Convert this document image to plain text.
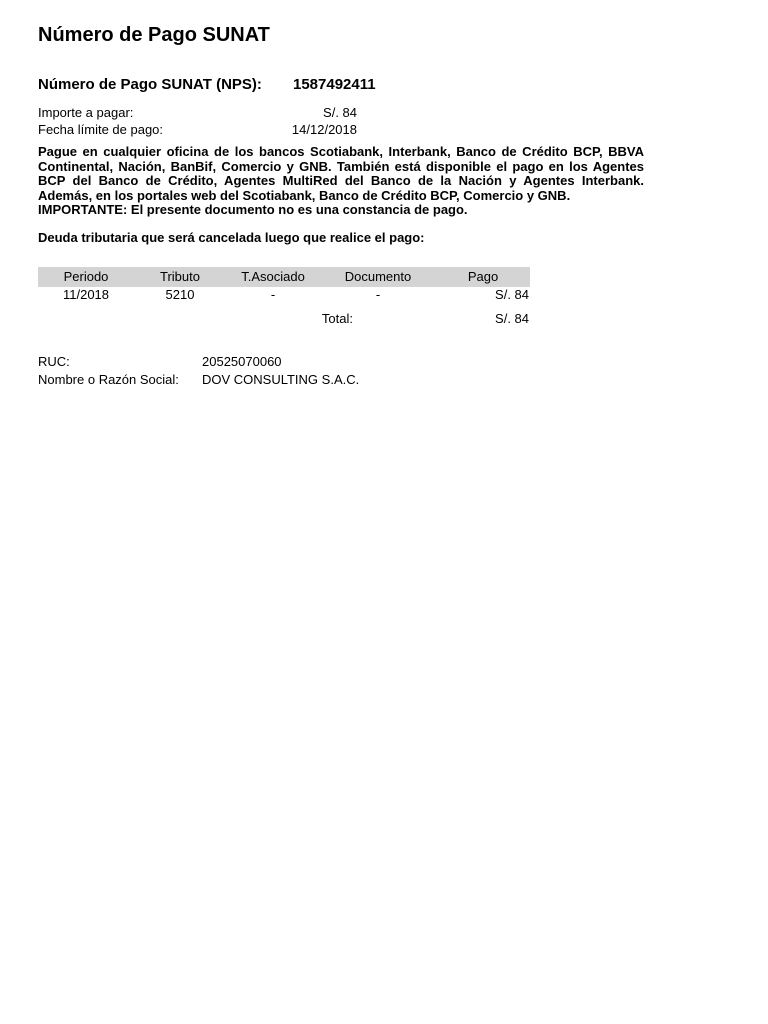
Número de Pago SUNAT
Número de Pago SUNAT (NPS): 1587492411
Importe a pagar:	S/. 84
Fecha límite de pago:	14/12/2018

Pague en cualquier oficina de los bancos Scotiabank, Interbank, Banco de Crédito BCP, BBVA Continental, Nación, BanBif, Comercio y GNB. También está disponible el pago en los Agentes BCP del Banco de Crédito, Agentes MultiRed del Banco de la Nación y Agentes Interbank. Además, en los portales web del Scotiabank, Banco de Crédito BCP, Comercio y GNB.

IMPORTANTE: El presente documento no es una constancia de pago.

Deuda tributaria que será cancelada luego que realice el pago:
Periodo	Tributo	T.Asociado	Documento	Pago
11/2018	5210	-	-	S/. 84
Total:	S/. 84
RUC:	20525070060
Nombre o Razón Social: DOV CONSULTING S.A.C.
